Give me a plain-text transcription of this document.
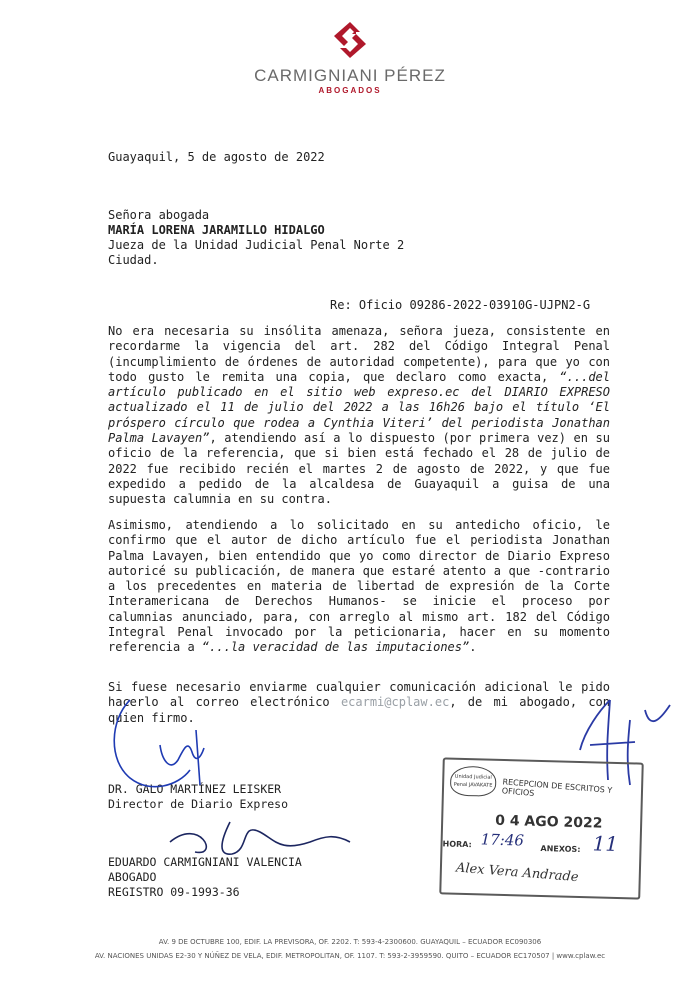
CARMIGNIANI PÉREZ
ABOGADOS
Guayaquil, 5 de agosto de 2022
Señora abogada
MARÍA LORENA JARAMILLO HIDALGO
Jueza de la Unidad Judicial Penal Norte 2
Ciudad.
Re: Oficio 09286-2022-03910G-UJPN2-G

No era necesaria su insólita amenaza, señora jueza, consistente en recordarme la vigencia del art. 282 del Código Integral Penal (incumplimiento de órdenes de autoridad competente), para que yo con todo gusto le remita una copia, que declaro como exacta, “...del artículo publicado en el sitio web expreso.ec del DIARIO EXPRESO actualizado el 11 de julio del 2022 a las 16h26 bajo el título ‘El próspero círculo que rodea a Cynthia Viteri’ del periodista Jonathan Palma Lavayen”, atendiendo así a lo dispuesto (por primera vez) en su oficio de la referencia, que si bien está fechado el 28 de julio de 2022 fue recibido recién el martes 2 de agosto de 2022, y que fue expedido a pedido de la alcaldesa de Guayaquil a guisa de una supuesta calumnia en su contra.

Asimismo, atendiendo a lo solicitado en su antedicho oficio, le confirmo que el autor de dicho artículo fue el periodista Jonathan Palma Lavayen, bien entendido que yo como director de Diario Expreso autoricé su publicación, de manera que estaré atento a que -contrario a los precedentes en materia de libertad de expresión de la Corte Interamericana de Derechos Humanos- se inicie el proceso por calumnias anunciado, para, con arreglo al mismo art. 182 del Código Integral Penal invocado por la peticionaria, hacer en su momento referencia a “...la veracidad de las imputaciones”.

Si fuese necesario enviarme cualquier comunicación adicional le pido hacerlo al correo electrónico ecarmi@cplaw.ec, de mi abogado, con quien firmo.

DR. GALO MARTÍNEZ LEISKER
Director de Diario Expreso
EDUARDO CARMIGNIANI VALENCIA
ABOGADO
REGISTRO 09-1993-36
Unidad Judicial Penal JAVAKATE	RECEPCION DE ESCRITOS Y OFICIOS
0 4 AGO 2022
HORA: 17:46 ANEXOS: 11
Alex Vera Andrade
AV. 9 DE OCTUBRE 100, EDIF. LA PREVISORA, OF. 2202. T: 593-4-2300600. GUAYAQUIL – ECUADOR EC090306
AV. NACIONES UNIDAS E2-30 Y NÚÑEZ DE VELA, EDIF. METROPOLITAN, OF. 1107. T: 593-2-3959590. QUITO – ECUADOR EC170507 | www.cplaw.ec
